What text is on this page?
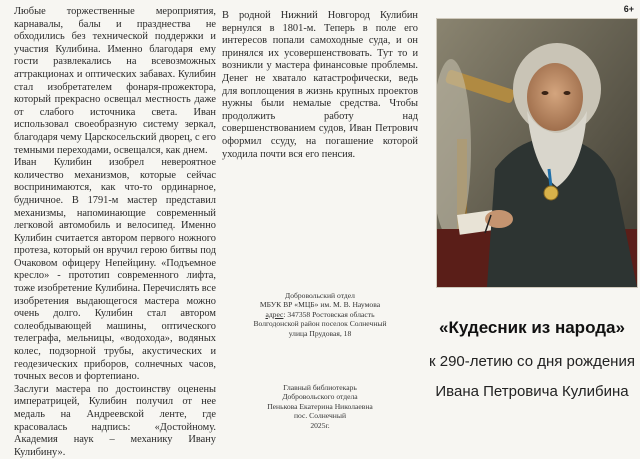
Любые торжественные мероприятия, карнавалы, балы и празднества не обходились без технической поддержки и участия Кулибина. Именно благодаря ему гости развлекались на всевозможных аттракционах и оптических забавах. Кулибин стал изобретателем фонаря-прожектора, который прекрасно освещал местность даже от слабого источника света. Иван использовал своеобразную систему зеркал, благодаря чему Царскосельский дворец, с его темными переходами, освещался, как днем.

Иван Кулибин изобрел невероятное количество механизмов, которые сейчас воспринимаются, как что-то ординарное, будничное. В 1791-м мастер представил механизмы, напоминающие современный легковой автомобиль и велосипед. Именно Кулибин считается автором первого ножного протеза, который он вручил герою битвы под Очаковом офицеру Непейцину. «Подъемное кресло» - прототип современного лифта, тоже изобретение Кулибина. Перечислять все изобретения выдающегося мастера можно очень долго. Кулибин стал автором солеобдывающей машины, оптического телеграфа, мельницы, «водохода», водяных колес, подзорной трубы, акустических и геодезических приборов, солнечных часов, точных весов и фортепиано.

Заслуги мастера по достоинству оценены императрицей, Кулибин получил от нее медаль на Андреевской ленте, где красовалась надпись: «Достойному. Академия наук – механику Ивану Кулибину».

В родной Нижний Новгород Кулибин вернулся в 1801-м. Теперь в поле его интересов попали самоходные суда, и он принялся их усовершенствовать. Тут то и возникли у мастера финансовые проблемы. Денег не хватало катастрофически, ведь для воплощения в жизнь крупных проектов нужны были немалые средства. Чтобы продолжить работу над совершенствованием судов, Иван Петрович оформил ссуду, на погашение которой уходила почти вся его пенсия.

Добровольский отдел

МБУК ВР «МЦБ» им. М. В. Наумова

адрес: 347358 Ростовская область

Волгодонской район поселок Солнечный

улица Прудовая, 18

Главный библиотекарь

Добровольского отдела

Пенькова Екатерина Николаевна

пос. Солнечный

2025г.

6+
«Кудесник из народа»
к 290-летию со дня рождения
Ивана Петровича Кулибина
